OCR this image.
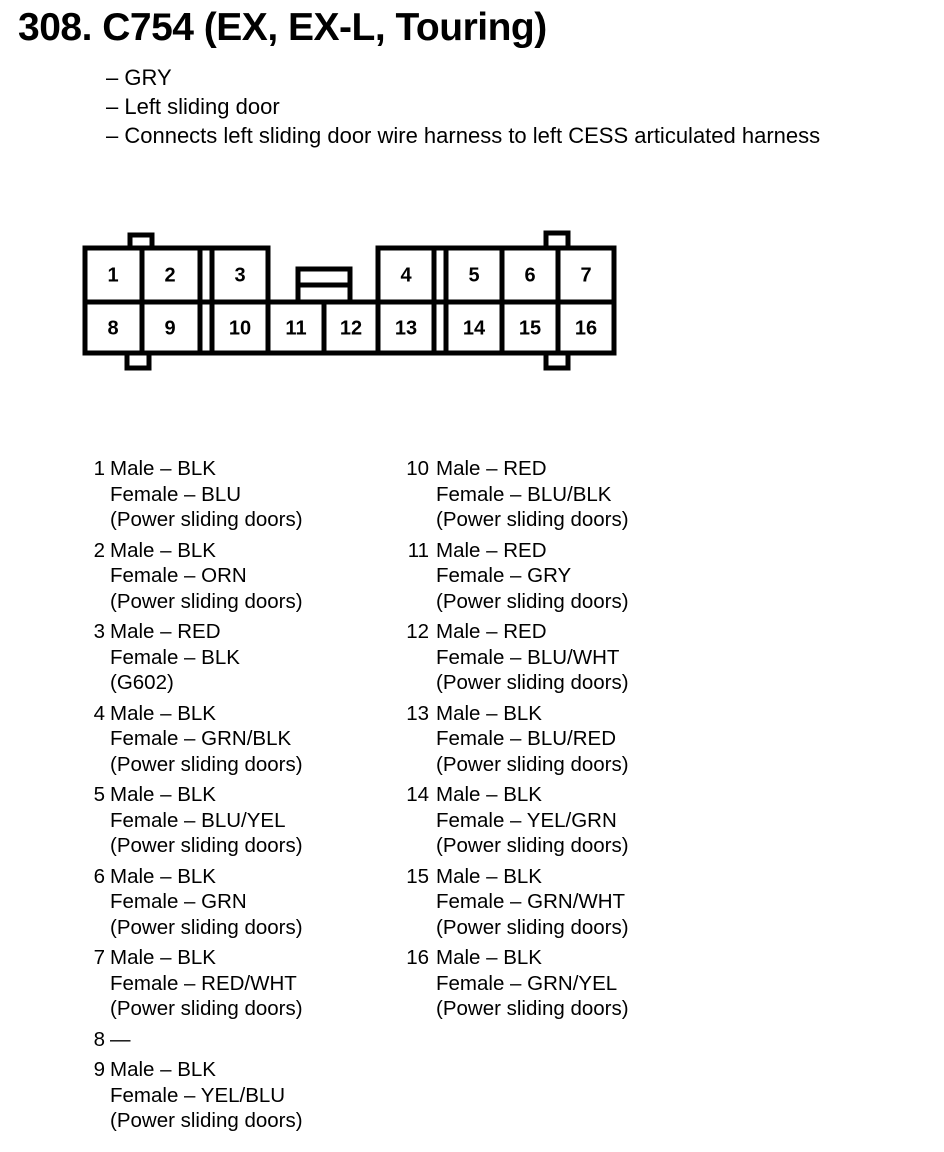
308. C754 (EX, EX-L, Touring)
– GRY
– Left sliding door
– Connects left sliding door wire harness to left CESS articulated harness
1 2	3	4	5 6 7
8 9	10 11 12 13 14 15 16
1 Male – BLK
Female – BLU
(Power sliding doors)
2 Male – BLK
Female – ORN
(Power sliding doors)
3 Male – RED
Female – BLK
(G602)
4 Male – BLK
Female – GRN/BLK
(Power sliding doors)
5 Male – BLK
Female – BLU/YEL
(Power sliding doors)
6 Male – BLK
Female – GRN
(Power sliding doors)
7 Male – BLK
Female – RED/WHT
(Power sliding doors)
8 —
9 Male – BLK
Female – YEL/BLU
(Power sliding doors)
10 Male – RED
Female – BLU/BLK
(Power sliding doors)
11 Male – RED
Female – GRY
(Power sliding doors)
12 Male – RED
Female – BLU/WHT
(Power sliding doors)
13 Male – BLK
Female – BLU/RED
(Power sliding doors)
14 Male – BLK
Female – YEL/GRN
(Power sliding doors)
15 Male – BLK
Female – GRN/WHT
(Power sliding doors)
16 Male – BLK
Female – GRN/YEL
(Power sliding doors)
